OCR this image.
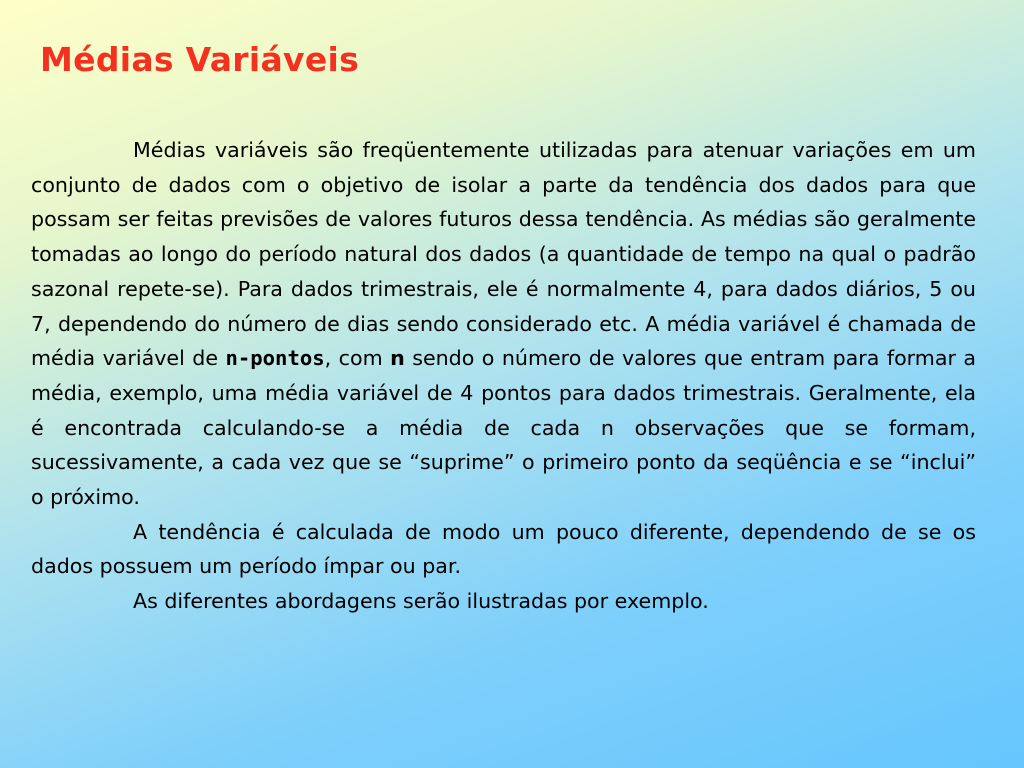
Médias Variáveis

Médias variáveis são freqüentemente utilizadas para atenuar variações em um conjunto de dados com o objetivo de isolar a parte da tendência dos dados para que possam ser feitas previsões de valores futuros dessa tendência. As médias são geralmente tomadas ao longo do período natural dos dados (a quantidade de tempo na qual o padrão sazonal repete-se). Para dados trimestrais, ele é normalmente 4, para dados diários, 5 ou 7, dependendo do número de dias sendo considerado etc. A média variável é chamada de média variável de n-pontos, com n sendo o número de valores que entram para formar a média, exemplo, uma média variável de 4 pontos para dados trimestrais. Geralmente, ela é encontrada calculando-se a média de cada n observações que se formam, sucessivamente, a cada vez que se “suprime” o primeiro ponto da seqüência e se “inclui” o próximo.

A tendência é calculada de modo um pouco diferente, dependendo de se os dados possuem um período ímpar ou par.

As diferentes abordagens serão ilustradas por exemplo.
